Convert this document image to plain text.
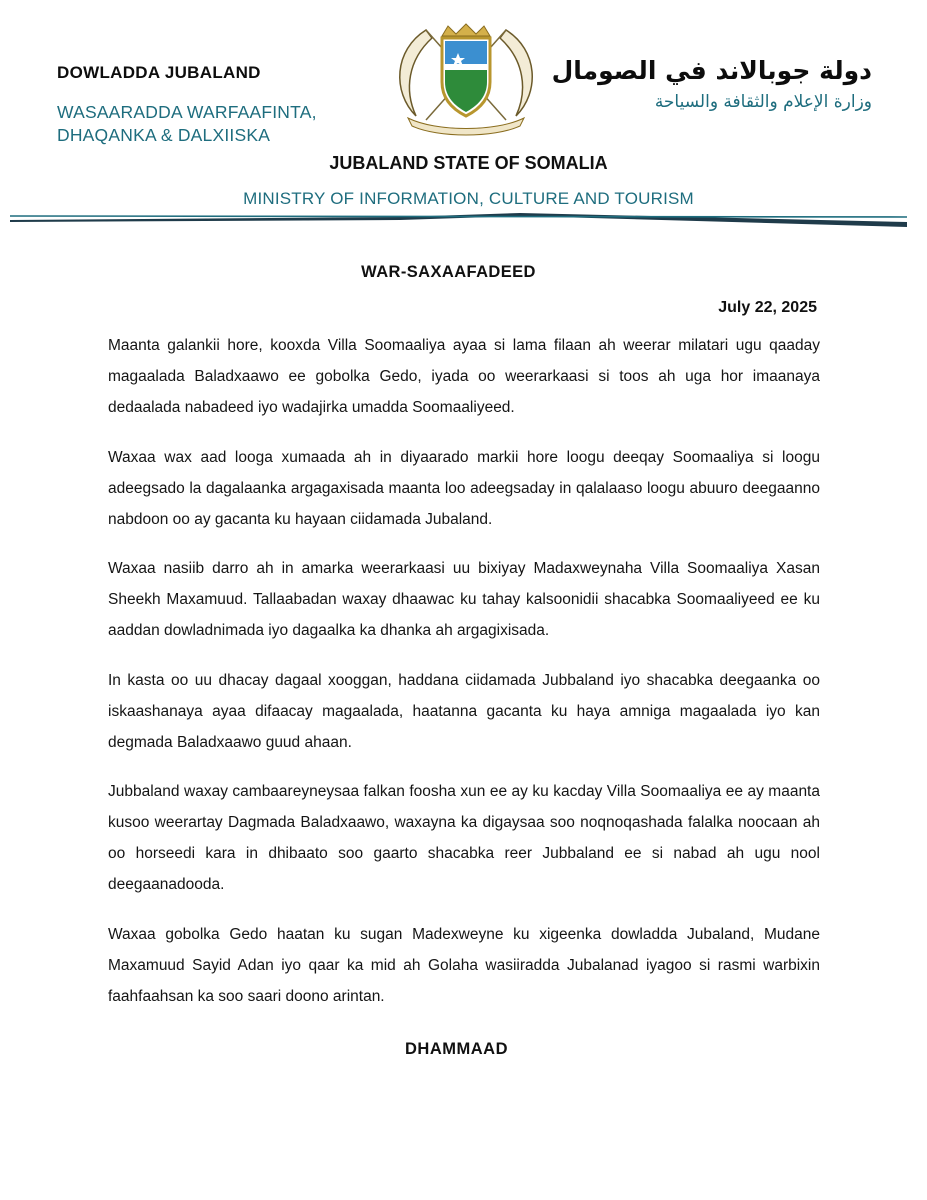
DOWLADDA JUBALAND
WASAARADDA WARFAAFINTA,
DHAQANKA & DALXIISKA
دولة جوبالاند في الصومال
وزارة الإعلام والثقافة والسياحة
JUBALAND STATE OF SOMALIA
MINISTRY OF INFORMATION, CULTURE AND TOURISM
WAR-SAXAAFADEED
July 22, 2025

Maanta galankii hore, kooxda Villa Soomaaliya ayaa si lama filaan ah weerar milatari ugu qaaday magaalada Baladxaawo ee gobolka Gedo, iyada oo weerarkaasi si toos ah uga hor imaanaya dedaalada nabadeed iyo wadajirka umadda Soomaaliyeed.

Waxaa wax aad looga xumaada ah in diyaarado markii hore loogu deeqay Soomaaliya si loogu adeegsado la dagalaanka argagaxisada maanta loo adeegsaday in qalalaaso loogu abuuro deegaanno nabdoon oo ay gacanta ku hayaan ciidamada Jubaland.

Waxaa nasiib darro ah in amarka weerarkaasi uu bixiyay Madaxweynaha Villa Soomaaliya Xasan Sheekh Maxamuud. Tallaabadan waxay dhaawac ku tahay kalsoonidii shacabka Soomaaliyeed ee ku aaddan dowladnimada iyo dagaalka ka dhanka ah argagixisada.

In kasta oo uu dhacay dagaal xooggan, haddana ciidamada Jubbaland iyo shacabka deegaanka oo iskaashanaya ayaa difaacay magaalada, haatanna gacanta ku haya amniga magaalada iyo kan degmada Baladxaawo guud ahaan.

Jubbaland waxay cambaareyneysaa falkan foosha xun ee ay ku kacday Villa Soomaaliya ee ay maanta kusoo weerartay Dagmada Baladxaawo, waxayna ka digaysaa soo noqnoqashada falalka noocaan ah oo horseedi kara in dhibaato soo gaarto shacabka reer Jubbaland ee si nabad ah ugu nool deegaanadooda.

Waxaa gobolka Gedo haatan ku sugan Madexweyne ku xigeenka dowladda Jubaland, Mudane Maxamuud Sayid Adan iyo qaar ka mid ah Golaha wasiiradda Jubalanad iyagoo si rasmi warbixin faahfaahsan ka soo saari doono arintan.

DHAMMAAD
